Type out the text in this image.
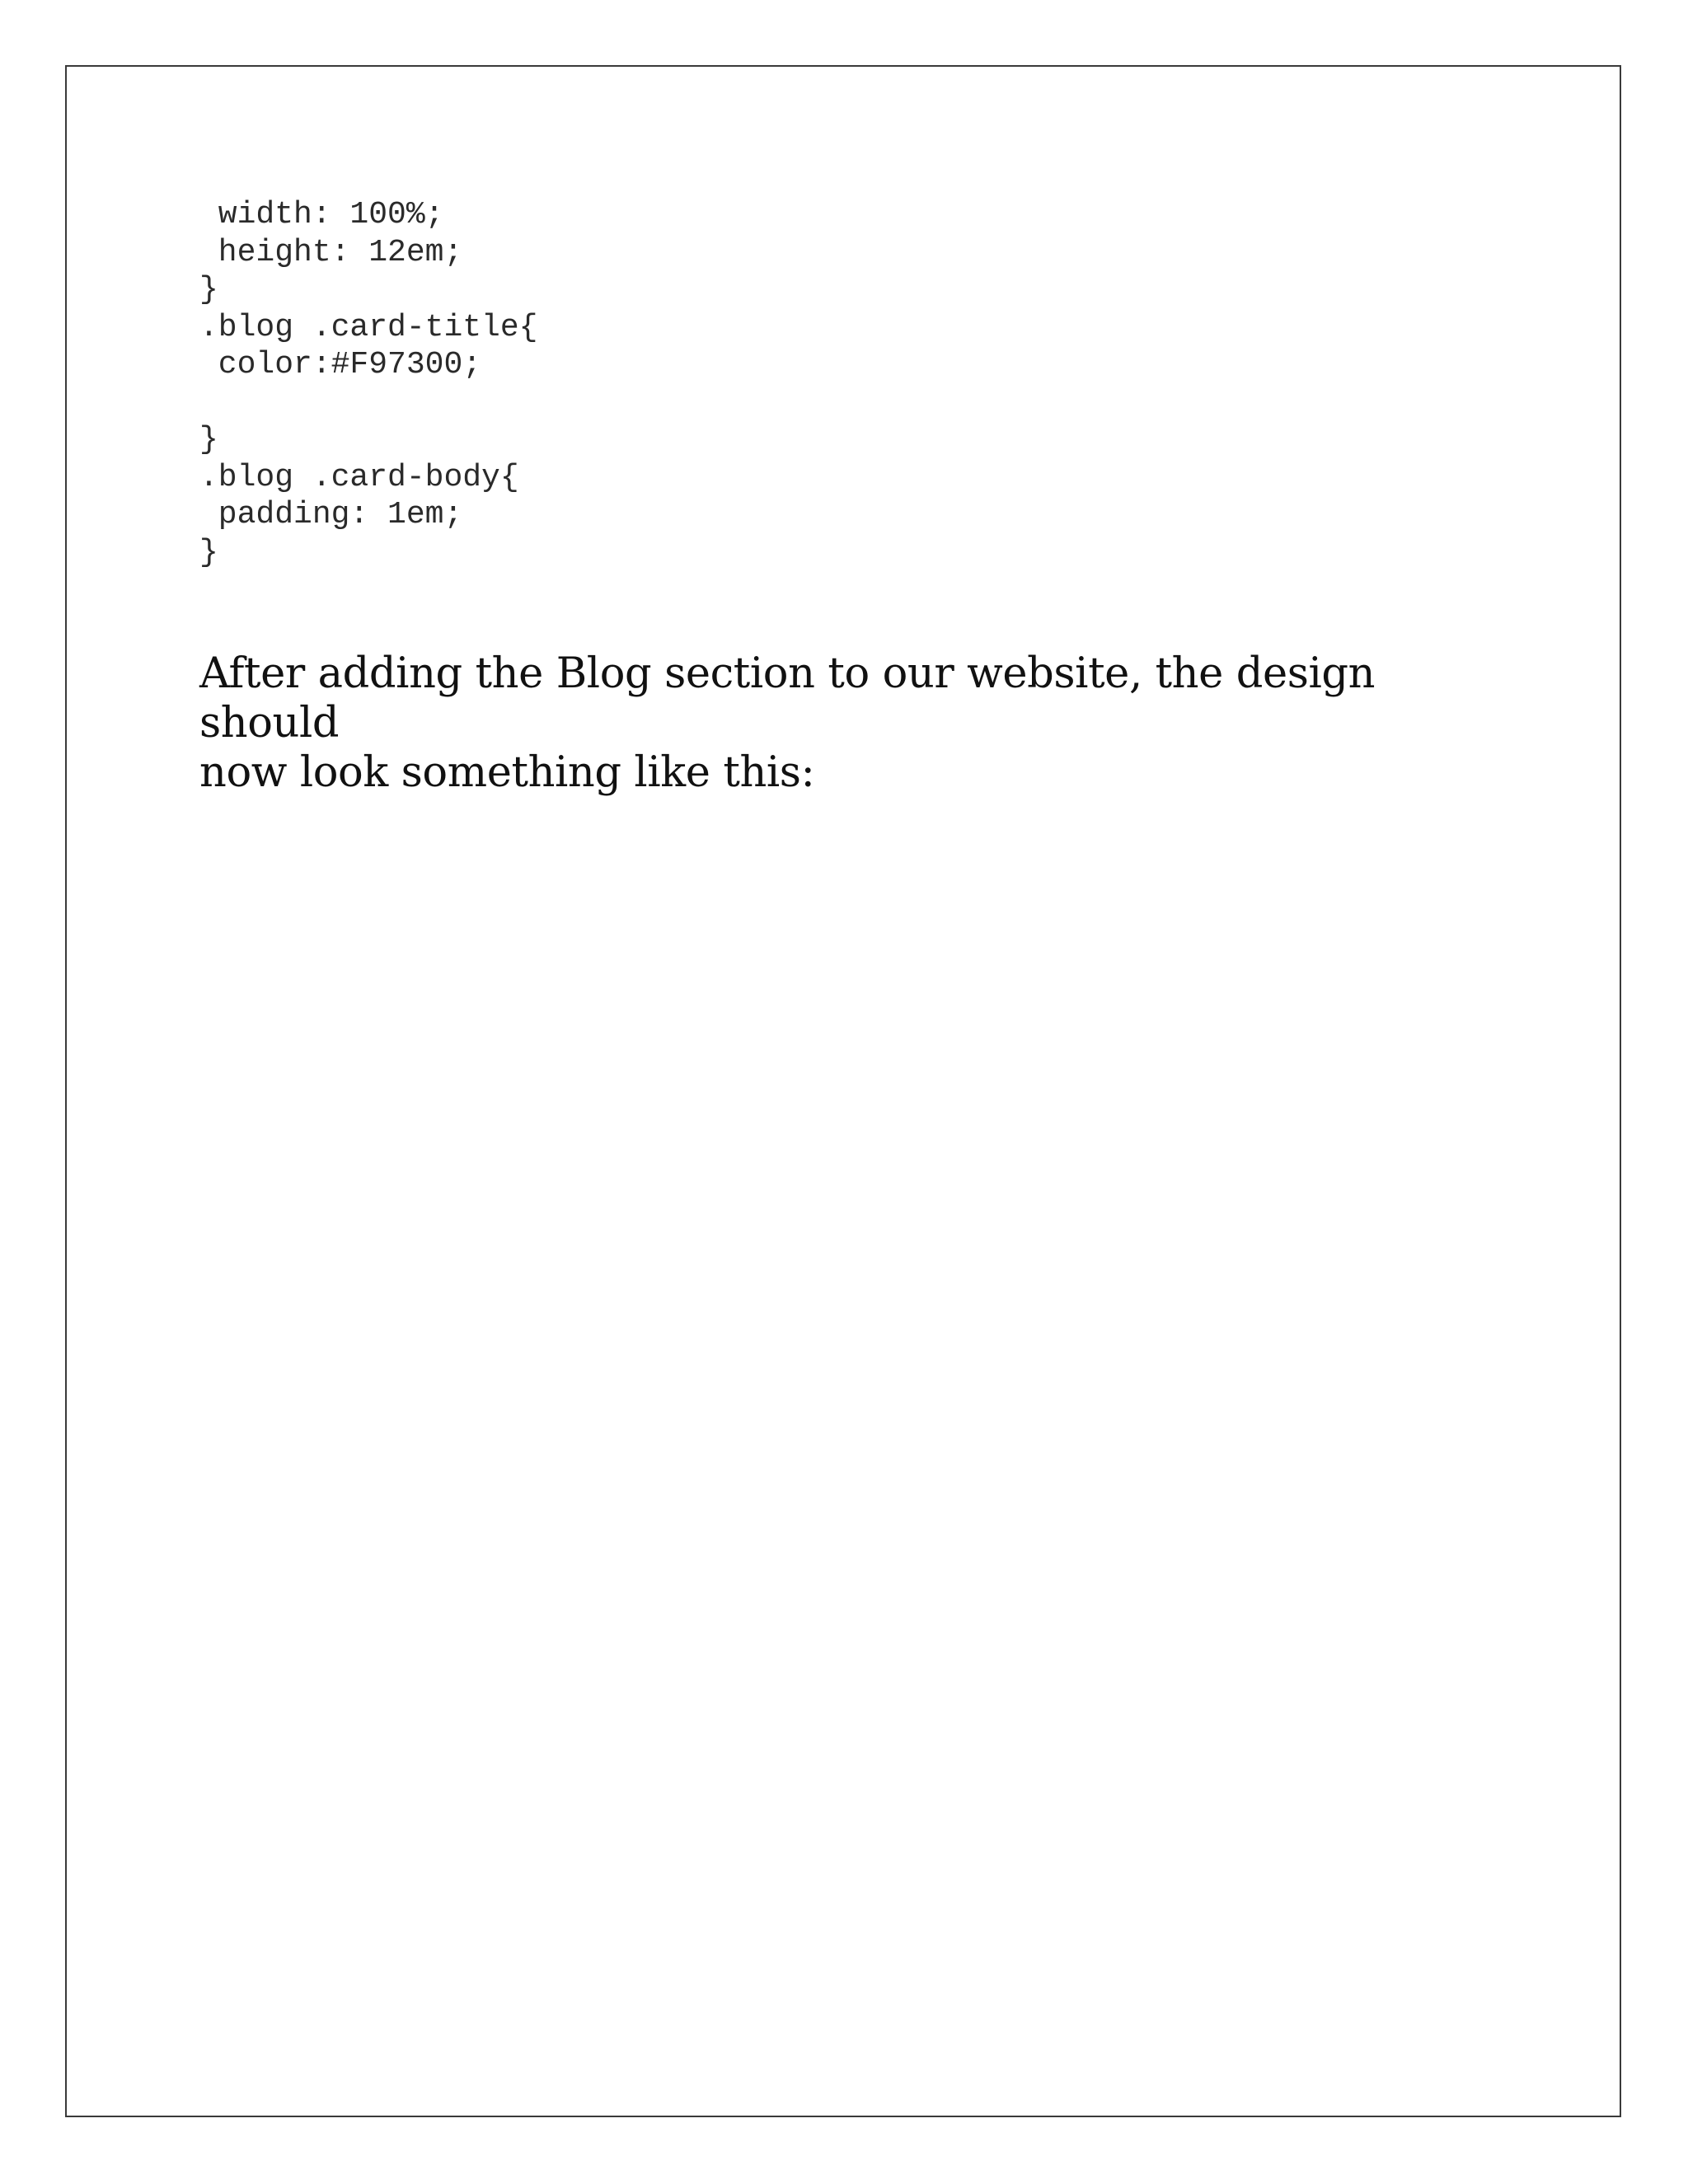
width: 100%;
height: 12em;
}
.blog .card-title{
color:#F97300;
}
.blog .card-body{
padding: 1em;
}

After adding the Blog section to our website, the design should
now look something like this:
